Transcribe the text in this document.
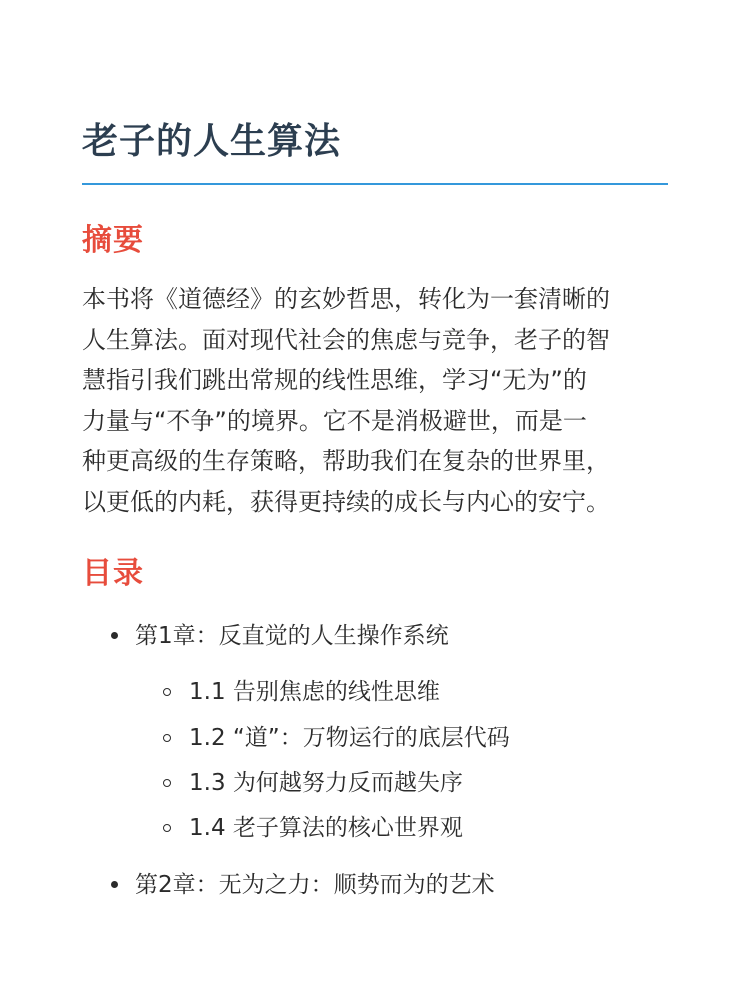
老子的人生算法
摘要

本书将《道德经》的玄妙哲思，转化为一套清晰的
人生算法。面对现代社会的焦虑与竞争，老子的智
慧指引我们跳出常规的线性思维，学习“无为”的
力量与“不争”的境界。它不是消极避世，而是一
种更高级的生存策略，帮助我们在复杂的世界里，
以更低的内耗，获得更持续的成长与内心的安宁。

目录
第1章：反直觉的人生操作系统
1.1 告别焦虑的线性思维
1.2 “道”：万物运行的底层代码
1.3 为何越努力反而越失序
1.4 老子算法的核心世界观
第2章：无为之力：顺势而为的艺术
